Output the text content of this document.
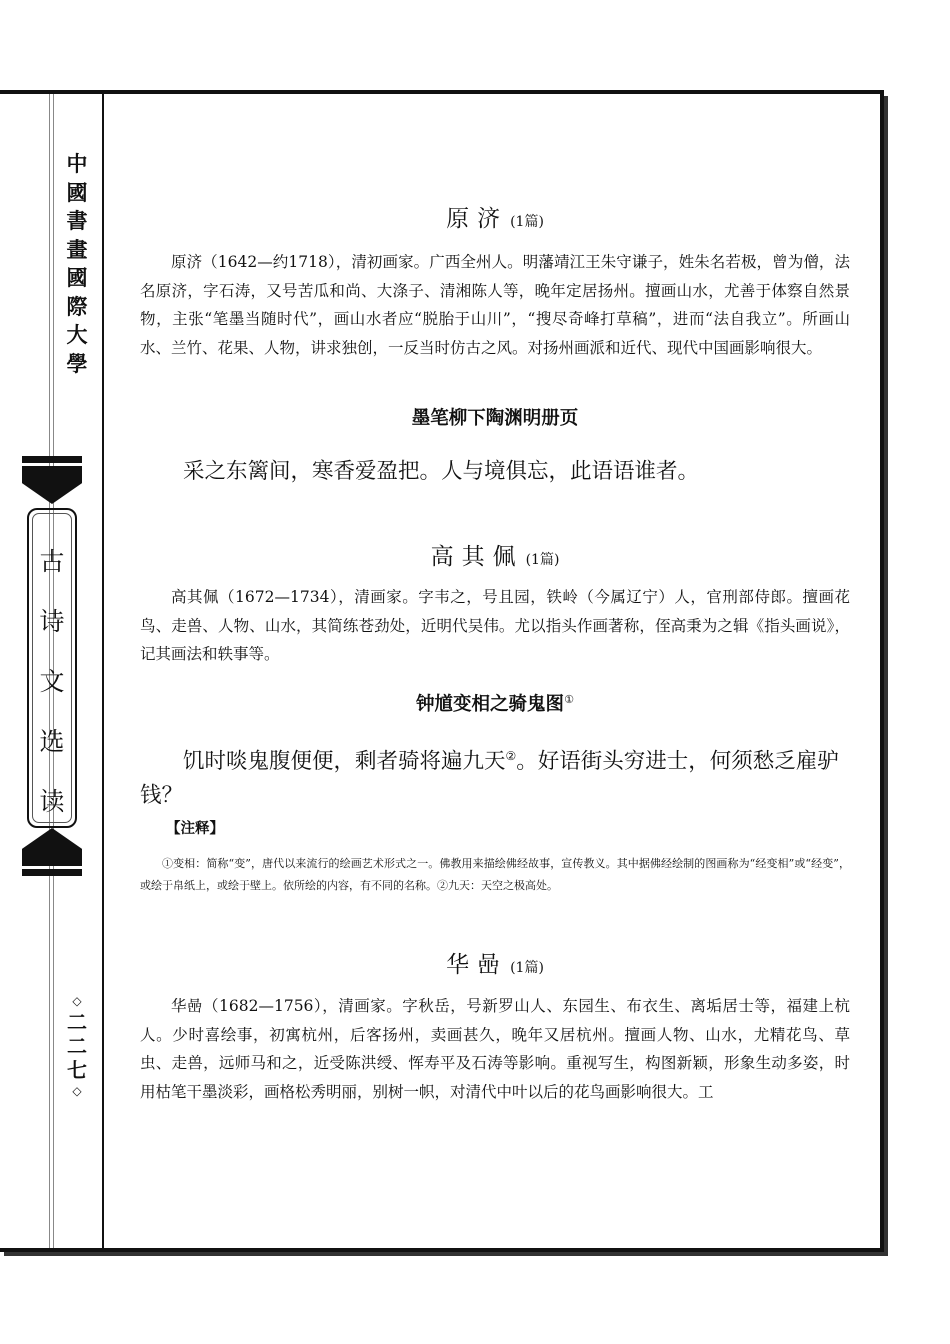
中國書畫國際大學
古诗文选读
◇
二二七
◇
原济 (1篇)

原济（1642—约1718），清初画家。广西全州人。明藩靖江王朱守谦子，姓朱名若极，曾为僧，法名原济，字石涛，又号苦瓜和尚、大涤子、清湘陈人等，晚年定居扬州。擅画山水，尤善于体察自然景物，主张“笔墨当随时代”，画山水者应“脱胎于山川”，“搜尽奇峰打草稿”，进而“法自我立”。所画山水、兰竹、花果、人物，讲求独创，一反当时仿古之风。对扬州画派和近代、现代中国画影响很大。

墨笔柳下陶渊明册页

采之东篱间，寒香爱盈把。人与境俱忘，此语语谁者。

高其佩 (1篇)

高其佩（1672—1734），清画家。字韦之，号且园，铁岭（今属辽宁）人，官刑部侍郎。擅画花鸟、走兽、人物、山水，其简练苍劲处，近明代吴伟。尤以指头作画著称，侄高秉为之辑《指头画说》，记其画法和轶事等。

钟馗变相之骑鬼图①

饥时啖鬼腹便便，剩者骑将遍九天②。好语街头穷进士，何须愁乏雇驴钱？

【注释】

①变相：简称“变”，唐代以来流行的绘画艺术形式之一。佛教用来描绘佛经故事，宣传教义。其中据佛经绘制的图画称为“经变相”或“经变”，或绘于帛纸上，或绘于壁上。依所绘的内容，有不同的名称。②九天：天空之极高处。

华喦 (1篇)

华喦（1682—1756），清画家。字秋岳，号新罗山人、东园生、布衣生、离垢居士等，福建上杭人。少时喜绘事，初寓杭州，后客扬州，卖画甚久，晚年又居杭州。擅画人物、山水，尤精花鸟、草虫、走兽，远师马和之，近受陈洪绶、恽寿平及石涛等影响。重视写生，构图新颖，形象生动多姿，时用枯笔干墨淡彩，画格松秀明丽，别树一帜，对清代中叶以后的花鸟画影响很大。工
